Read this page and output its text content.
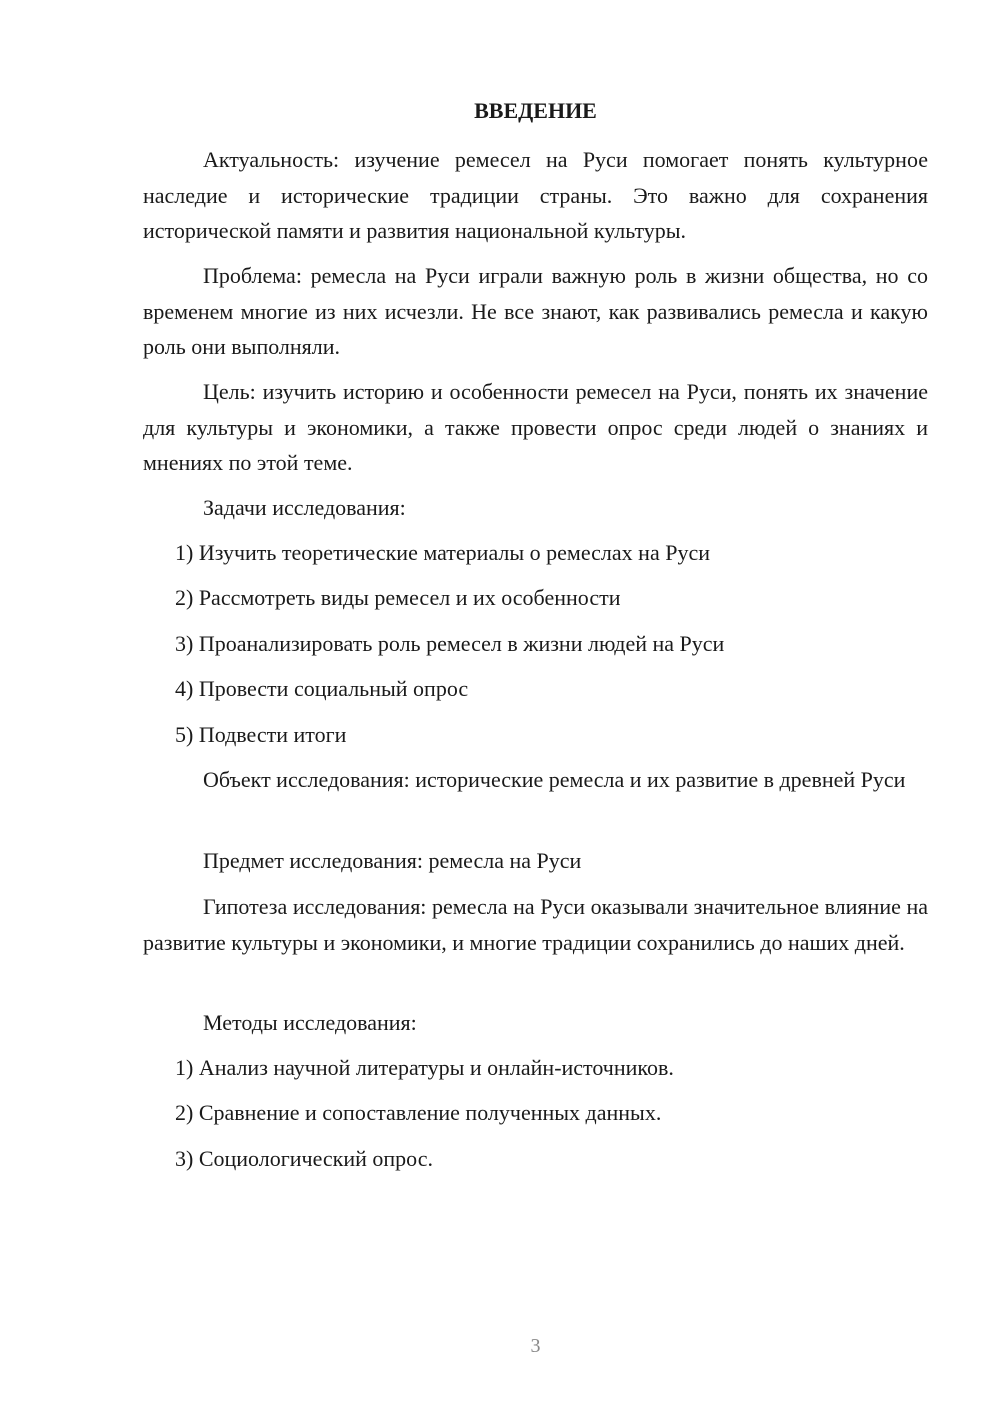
ВВЕДЕНИЕ

Актуальность: изучение ремесел на Руси помогает понять культурное наследие и исторические традиции страны. Это важно для сохранения исторической памяти и развития национальной культуры.

Проблема: ремесла на Руси играли важную роль в жизни общества, но со временем многие из них исчезли. Не все знают, как развивались ремесла и какую роль они выполняли.

Цель: изучить историю и особенности ремесел на Руси, понять их значение для культуры и экономики, а также провести опрос среди людей о знаниях и мнениях по этой теме.

Задачи исследования:

1) Изучить теоретические материалы о ремеслах на Руси

2) Рассмотреть виды ремесел и их особенности

3) Проанализировать роль ремесел в жизни людей на Руси

4) Провести социальный опрос

5) Подвести итоги

Объект исследования: исторические ремесла и их развитие в древней Руси

Предмет исследования: ремесла на Руси

Гипотеза исследования: ремесла на Руси оказывали значительное влияние на развитие культуры и экономики, и многие традиции сохранились до наших дней.

Методы исследования:

1) Анализ научной литературы и онлайн-источников.

2) Сравнение и сопоставление полученных данных.

3) Социологический опрос.

3
